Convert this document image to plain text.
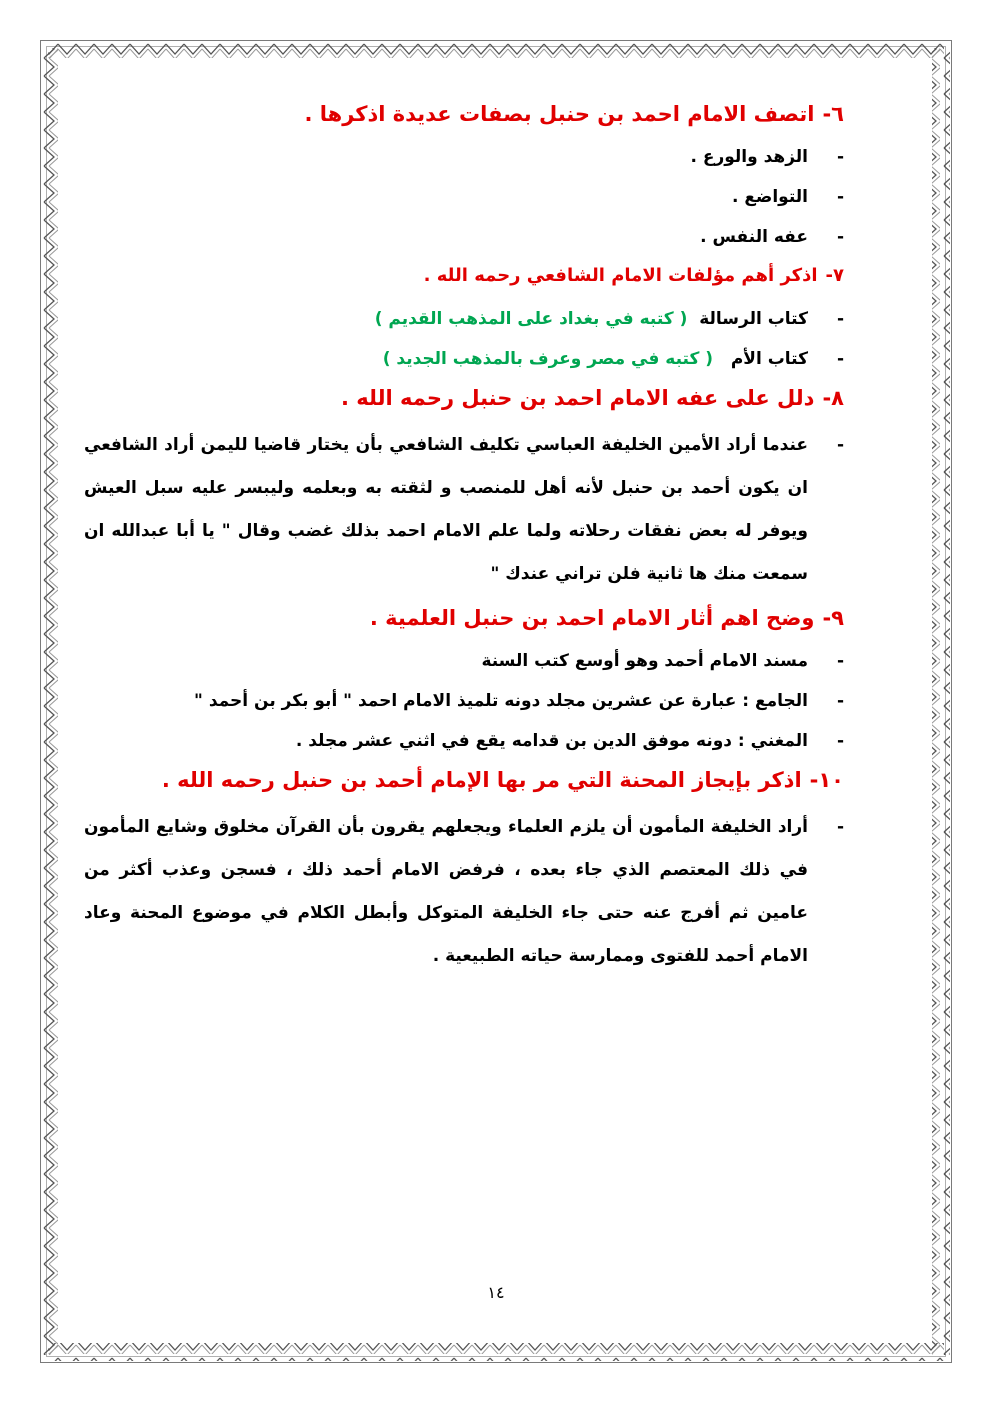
٦-اتصف الامام احمد بن حنبل بصفات عديدة اذكرها .
-
الزهد والورع .
-
التواضع .
-
عفه النفس .
٧-اذكر أهم مؤلفات الامام الشافعي رحمه الله .
-
كتاب الرسالة  ( كتبه في بغداد على المذهب القديم )
-
كتاب الأم   ( كتبه في مصر وعرف بالمذهب الجديد )
٨-دلل على عفه الامام احمد بن حنبل رحمه الله .
-
عندما أراد الأمين الخليفة العباسي تكليف الشافعي بأن يختار قاضيا لليمن أراد الشافعي ان يكون أحمد بن حنبل لأنه أهل للمنصب و لثقته به وبعلمه وليبسر عليه سبل العيش ويوفر له بعض نفقات رحلاته ولما علم الامام احمد بذلك غضب وقال " يا أبا عبدالله ان سمعت منك ها ثانية فلن تراني عندك "
٩-وضح اهم أثار الامام احمد بن حنبل العلمية .
-
مسند الامام أحمد وهو أوسع كتب السنة
-
الجامع : عبارة عن عشرين مجلد دونه تلميذ الامام احمد " أبو بكر بن أحمد "
-
المغني : دونه موفق الدين بن قدامه يقع في اثني عشر مجلد .
١٠-اذكر بإيجاز المحنة التي مر بها الإمام أحمد بن حنبل رحمه الله .
-
أراد الخليفة المأمون أن يلزم العلماء ويجعلهم يقرون بأن القرآن مخلوق وشايع المأمون في ذلك المعتصم الذي جاء بعده ، فرفض الامام أحمد ذلك ، فسجن وعذب أكثر من عامين ثم أفرج عنه حتى جاء الخليفة المتوكل وأبطل الكلام في موضوع المحنة وعاد الامام أحمد للفتوى وممارسة حياته الطبيعية .
١٤
